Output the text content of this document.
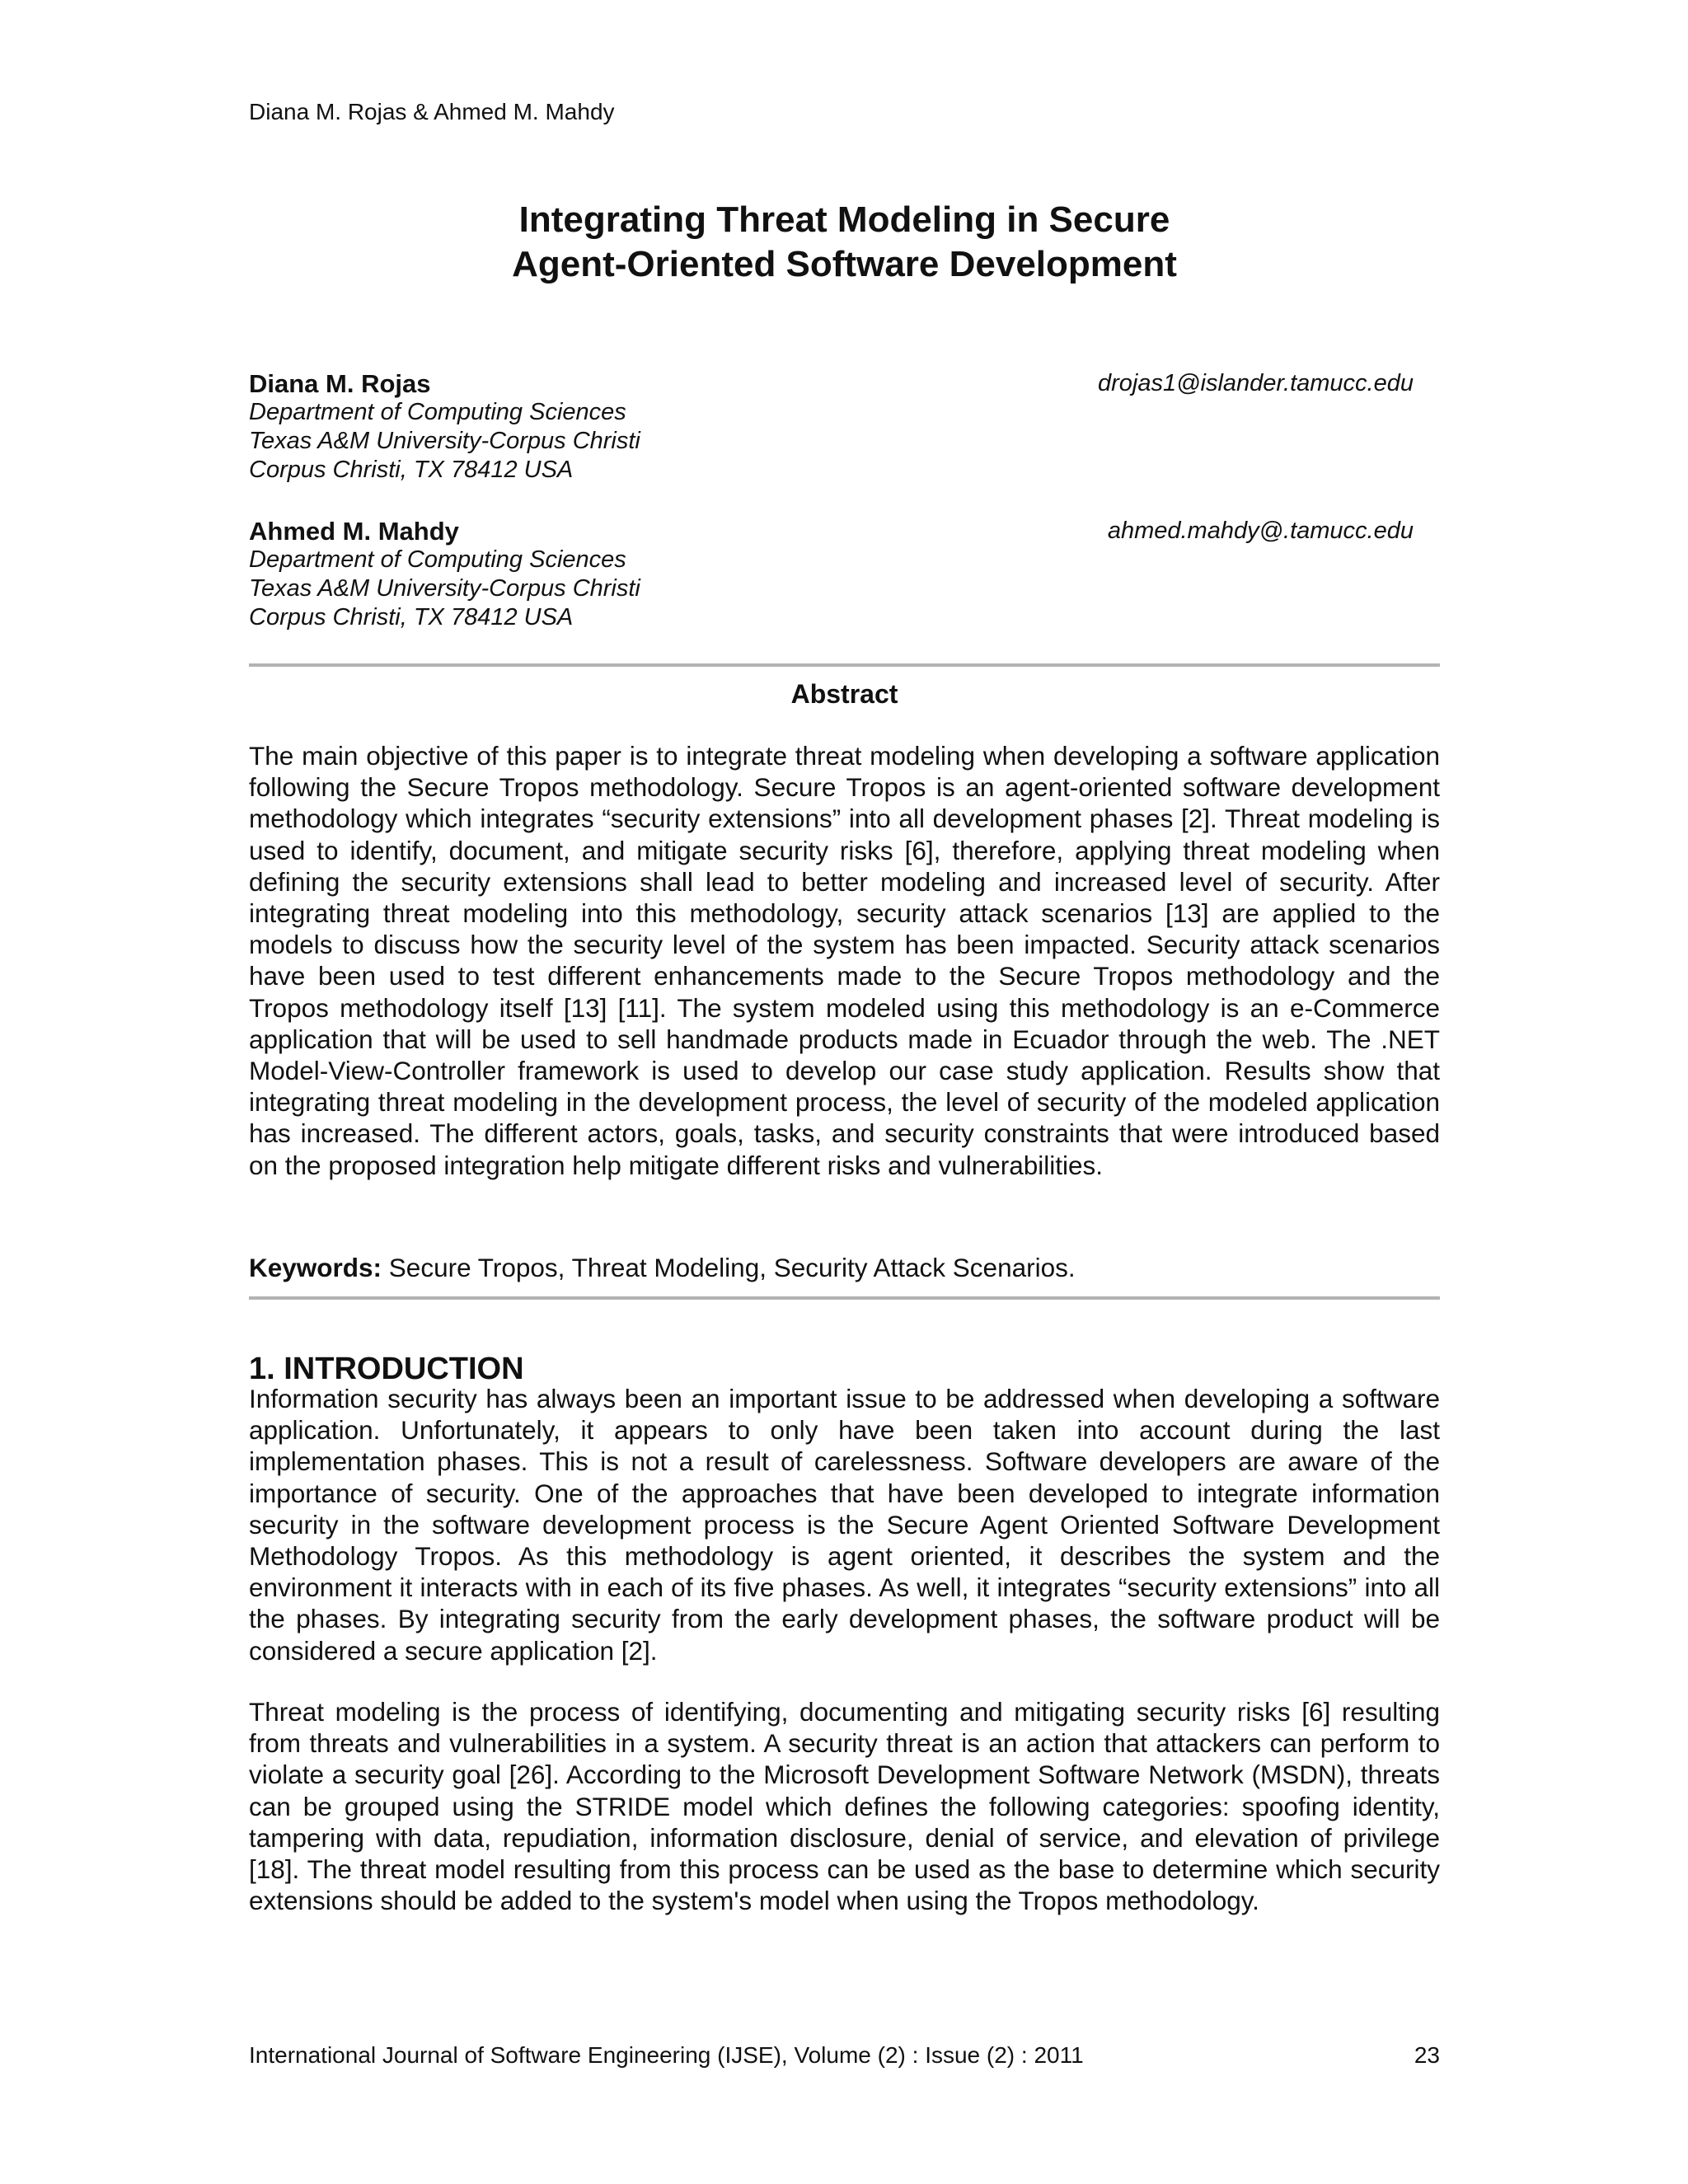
Diana M. Rojas & Ahmed M. Mahdy
Integrating Threat Modeling in Secure
Agent-Oriented Software Development
Diana M. Rojas	drojas1@islander.tamucc.edu
Department of Computing Sciences
Texas A&M University-Corpus Christi
Corpus Christi, TX 78412 USA
Ahmed M. Mahdy	ahmed.mahdy@.tamucc.edu
Department of Computing Sciences
Texas A&M University-Corpus Christi
Corpus Christi, TX 78412 USA
Abstract

The main objective of this paper is to integrate threat modeling when developing a software application following the Secure Tropos methodology. Secure Tropos is an agent-oriented software development methodology which integrates “security extensions” into all development phases [2]. Threat modeling is used to identify, document, and mitigate security risks [6], therefore, applying threat modeling when defining the security extensions shall lead to better modeling and increased level of security. After integrating threat modeling into this methodology, security attack scenarios [13] are applied to the models to discuss how the security level of the system has been impacted. Security attack scenarios have been used to test different enhancements made to the Secure Tropos methodology and the Tropos methodology itself [13] [11]. The system modeled using this methodology is an e-Commerce application that will be used to sell handmade products made in Ecuador through the web. The .NET Model-View-Controller framework is used to develop our case study application. Results show that integrating threat modeling in the development process, the level of security of the modeled application has increased. The different actors, goals, tasks, and security constraints that were introduced based on the proposed integration help mitigate different risks and vulnerabilities.

Keywords: Secure Tropos, Threat Modeling, Security Attack Scenarios.
1. INTRODUCTION

Information security has always been an important issue to be addressed when developing a software application. Unfortunately, it appears to only have been taken into account during the last implementation phases. This is not a result of carelessness. Software developers are aware of the importance of security. One of the approaches that have been developed to integrate information security in the software development process is the Secure Agent Oriented Software Development Methodology Tropos. As this methodology is agent oriented, it describes the system and the environment it interacts with in each of its five phases. As well, it integrates “security extensions” into all the phases. By integrating security from the early development phases, the software product will be considered a secure application [2].

Threat modeling is the process of identifying, documenting and mitigating security risks [6] resulting from threats and vulnerabilities in a system. A security threat is an action that attackers can perform to violate a security goal [26]. According to the Microsoft Development Software Network (MSDN), threats can be grouped using the STRIDE model which defines the following categories: spoofing identity, tampering with data, repudiation, information disclosure, denial of service, and elevation of privilege [18]. The threat model resulting from this process can be used as the base to determine which security extensions should be added to the system's model when using the Tropos methodology.

International Journal of Software Engineering (IJSE), Volume (2) : Issue (2) : 2011	23
